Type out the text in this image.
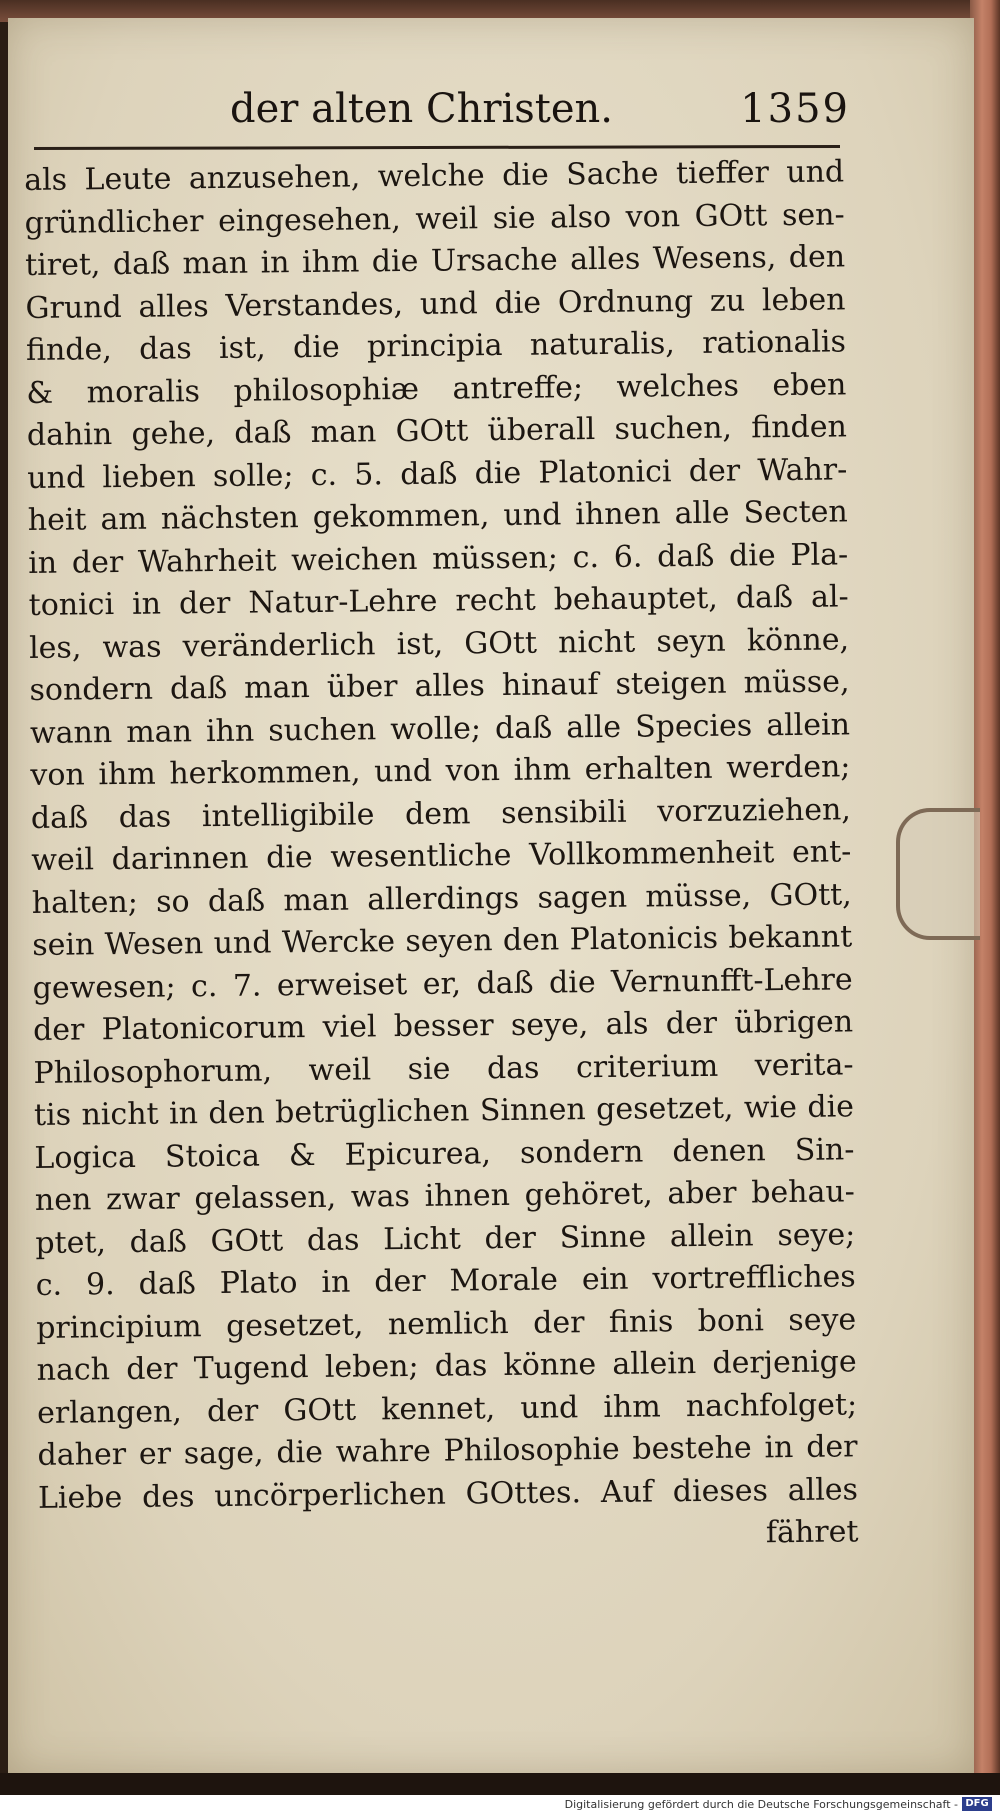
der alten Christen.	1359
als Leute anzusehen, welche die Sache tieffer und
gründlicher eingesehen, weil sie also von GOtt sen-
tiret, daß man in ihm die Ursache alles Wesens, den
Grund alles Verstandes, und die Ordnung zu leben
finde, das ist, die principia naturalis, rationalis
& moralis philosophiæ antreffe; welches eben
dahin gehe, daß man GOtt überall suchen, finden
und lieben solle; c. 5. daß die Platonici der Wahr-
heit am nächsten gekommen, und ihnen alle Secten
in der Wahrheit weichen müssen; c. 6. daß die Pla-
tonici in der Natur-Lehre recht behauptet, daß al-
les, was veränderlich ist, GOtt nicht seyn könne,
sondern daß man über alles hinauf steigen müsse,
wann man ihn suchen wolle; daß alle Species allein
von ihm herkommen, und von ihm erhalten werden;
daß das intelligibile dem sensibili vorzuziehen,
weil darinnen die wesentliche Vollkommenheit ent-
halten; so daß man allerdings sagen müsse, GOtt,
sein Wesen und Wercke seyen den Platonicis bekannt
gewesen; c. 7. erweiset er, daß die Vernunfft-Lehre
der Platonicorum viel besser seye, als der übrigen
Philosophorum, weil sie das criterium verita-
tis nicht in den betrüglichen Sinnen gesetzet, wie die
Logica Stoica & Epicurea, sondern denen Sin-
nen zwar gelassen, was ihnen gehöret, aber behau-
ptet, daß GOtt das Licht der Sinne allein seye;
c. 9. daß Plato in der Morale ein vortreffliches
principium gesetzet, nemlich der finis boni seye
nach der Tugend leben; das könne allein derjenige
erlangen, der GOtt kennet, und ihm nachfolget;
daher er sage, die wahre Philosophie bestehe in der
Liebe des uncörperlichen GOttes. Auf dieses alles
fähret
Digitalisierung gefördert durch die Deutsche Forschungsgemeinschaft - DFG
